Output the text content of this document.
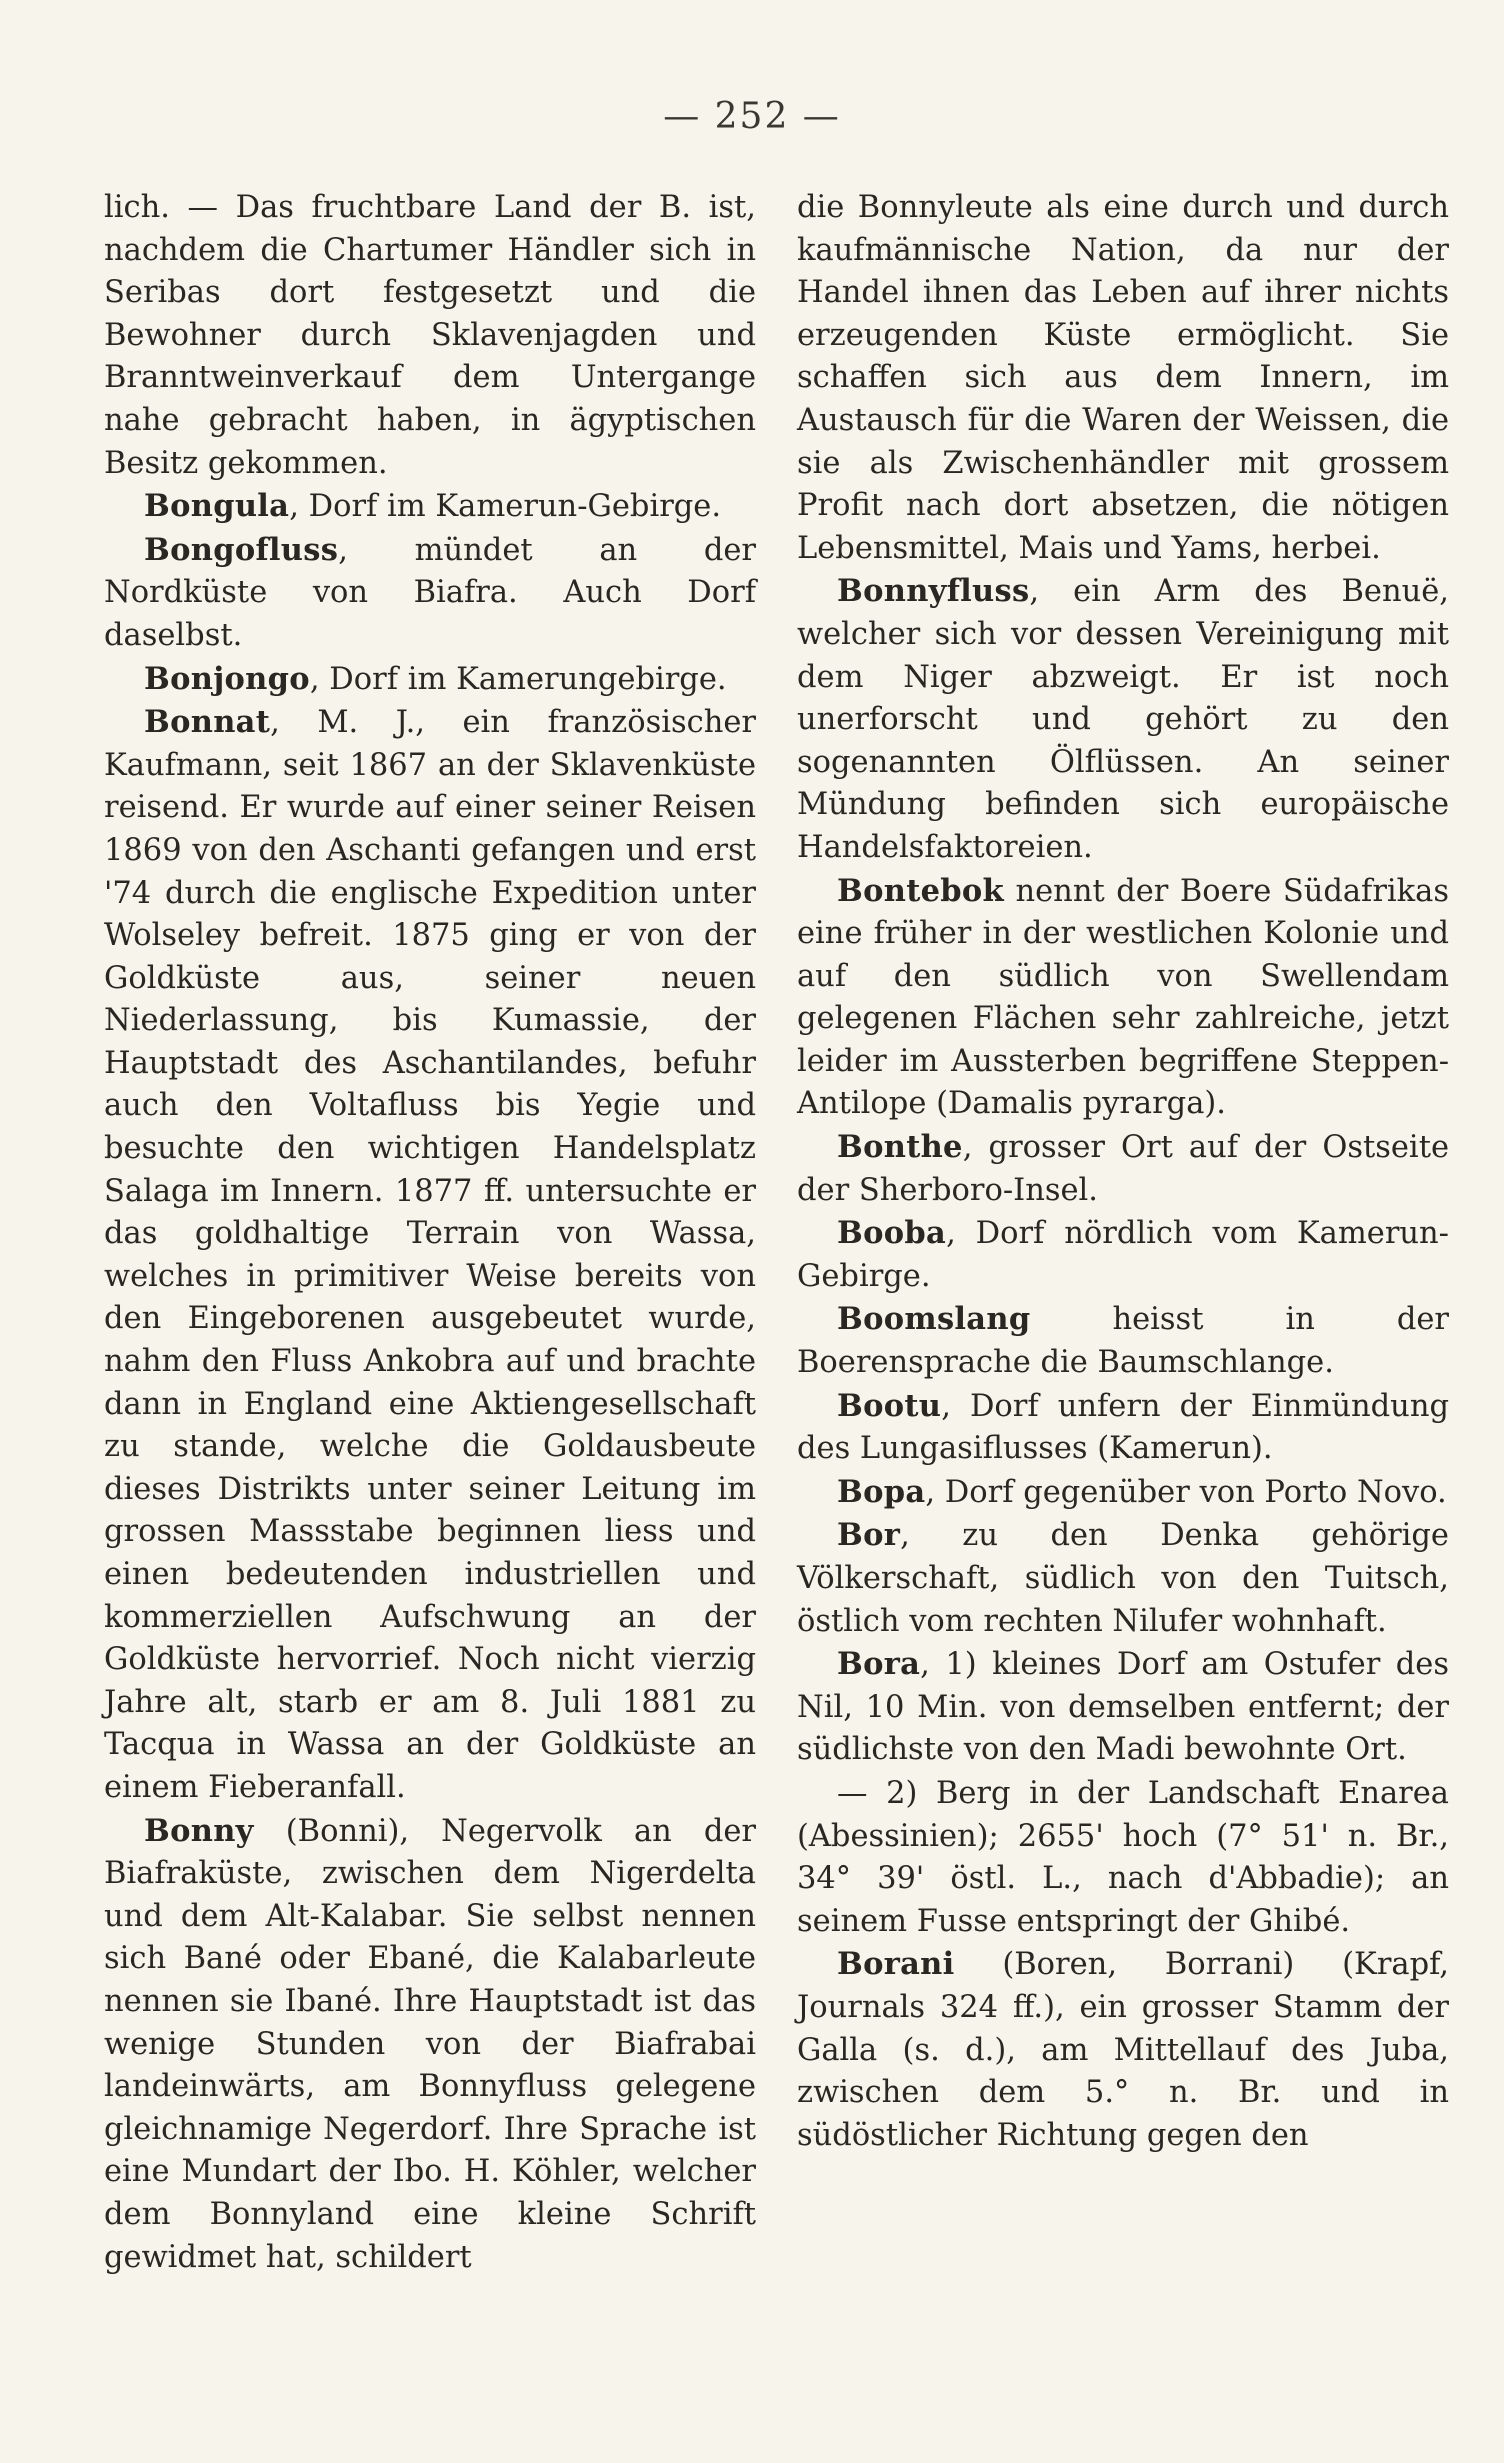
— 252 —

lich. — Das fruchtbare Land der B. ist, nachdem die Chartumer Händler sich in Seribas dort festgesetzt und die Bewohner durch Sklavenjagden und Branntweinverkauf dem Untergange nahe gebracht haben, in ägyptischen Besitz gekommen.

Bongula, Dorf im Kamerun-Gebirge.

Bongofluss, mündet an der Nordküste von Biafra. Auch Dorf daselbst.

Bonjongo, Dorf im Kamerungebirge.

Bonnat, M. J., ein französischer Kaufmann, seit 1867 an der Sklavenküste reisend. Er wurde auf einer seiner Reisen 1869 von den Aschanti gefangen und erst '74 durch die englische Expedition unter Wolseley befreit. 1875 ging er von der Goldküste aus, seiner neuen Niederlassung, bis Kumassie, der Hauptstadt des Aschantilandes, befuhr auch den Voltafluss bis Yegie und besuchte den wichtigen Handelsplatz Salaga im Innern. 1877 ff. untersuchte er das goldhaltige Terrain von Wassa, welches in primitiver Weise bereits von den Eingeborenen ausgebeutet wurde, nahm den Fluss Ankobra auf und brachte dann in England eine Aktiengesellschaft zu stande, welche die Goldausbeute dieses Distrikts unter seiner Leitung im grossen Massstabe beginnen liess und einen bedeutenden industriellen und kommerziellen Aufschwung an der Goldküste hervorrief. Noch nicht vierzig Jahre alt, starb er am 8. Juli 1881 zu Tacqua in Wassa an der Goldküste an einem Fieberanfall.

Bonny (Bonni), Negervolk an der Biafraküste, zwischen dem Nigerdelta und dem Alt-Kalabar. Sie selbst nennen sich Bané oder Ebané, die Kalabarleute nennen sie Ibané. Ihre Hauptstadt ist das wenige Stunden von der Biafrabai landeinwärts, am Bonnyfluss gelegene gleichnamige Negerdorf. Ihre Sprache ist eine Mundart der Ibo. H. Köhler, welcher dem Bonnyland eine kleine Schrift gewidmet hat, schildert

die Bonnyleute als eine durch und durch kaufmännische Nation, da nur der Handel ihnen das Leben auf ihrer nichts erzeugenden Küste ermöglicht. Sie schaffen sich aus dem Innern, im Austausch für die Waren der Weissen, die sie als Zwischenhändler mit grossem Profit nach dort absetzen, die nötigen Lebensmittel, Mais und Yams, herbei.

Bonnyfluss, ein Arm des Benuë, welcher sich vor dessen Vereinigung mit dem Niger abzweigt. Er ist noch unerforscht und gehört zu den sogenannten Ölflüssen. An seiner Mündung befinden sich europäische Handelsfaktoreien.

Bontebok nennt der Boere Südafrikas eine früher in der westlichen Kolonie und auf den südlich von Swellendam gelegenen Flächen sehr zahlreiche, jetzt leider im Aussterben begriffene Steppen-Antilope (Damalis pyrarga).

Bonthe, grosser Ort auf der Ostseite der Sherboro-Insel.

Booba, Dorf nördlich vom Kamerun-Gebirge.

Boomslang heisst in der Boerensprache die Baumschlange.

Bootu, Dorf unfern der Einmündung des Lungasiflusses (Kamerun).

Bopa, Dorf gegenüber von Porto Novo.

Bor, zu den Denka gehörige Völkerschaft, südlich von den Tuitsch, östlich vom rechten Nilufer wohnhaft.

Bora, 1) kleines Dorf am Ostufer des Nil, 10 Min. von demselben entfernt; der südlichste von den Madi bewohnte Ort.

— 2) Berg in der Landschaft Enarea (Abessinien); 2655' hoch (7° 51' n. Br., 34° 39' östl. L., nach d'Abbadie); an seinem Fusse entspringt der Ghibé.

Borani (Boren, Borrani) (Krapf, Journals 324 ff.), ein grosser Stamm der Galla (s. d.), am Mittellauf des Juba, zwischen dem 5.° n. Br. und in südöstlicher Richtung gegen den
